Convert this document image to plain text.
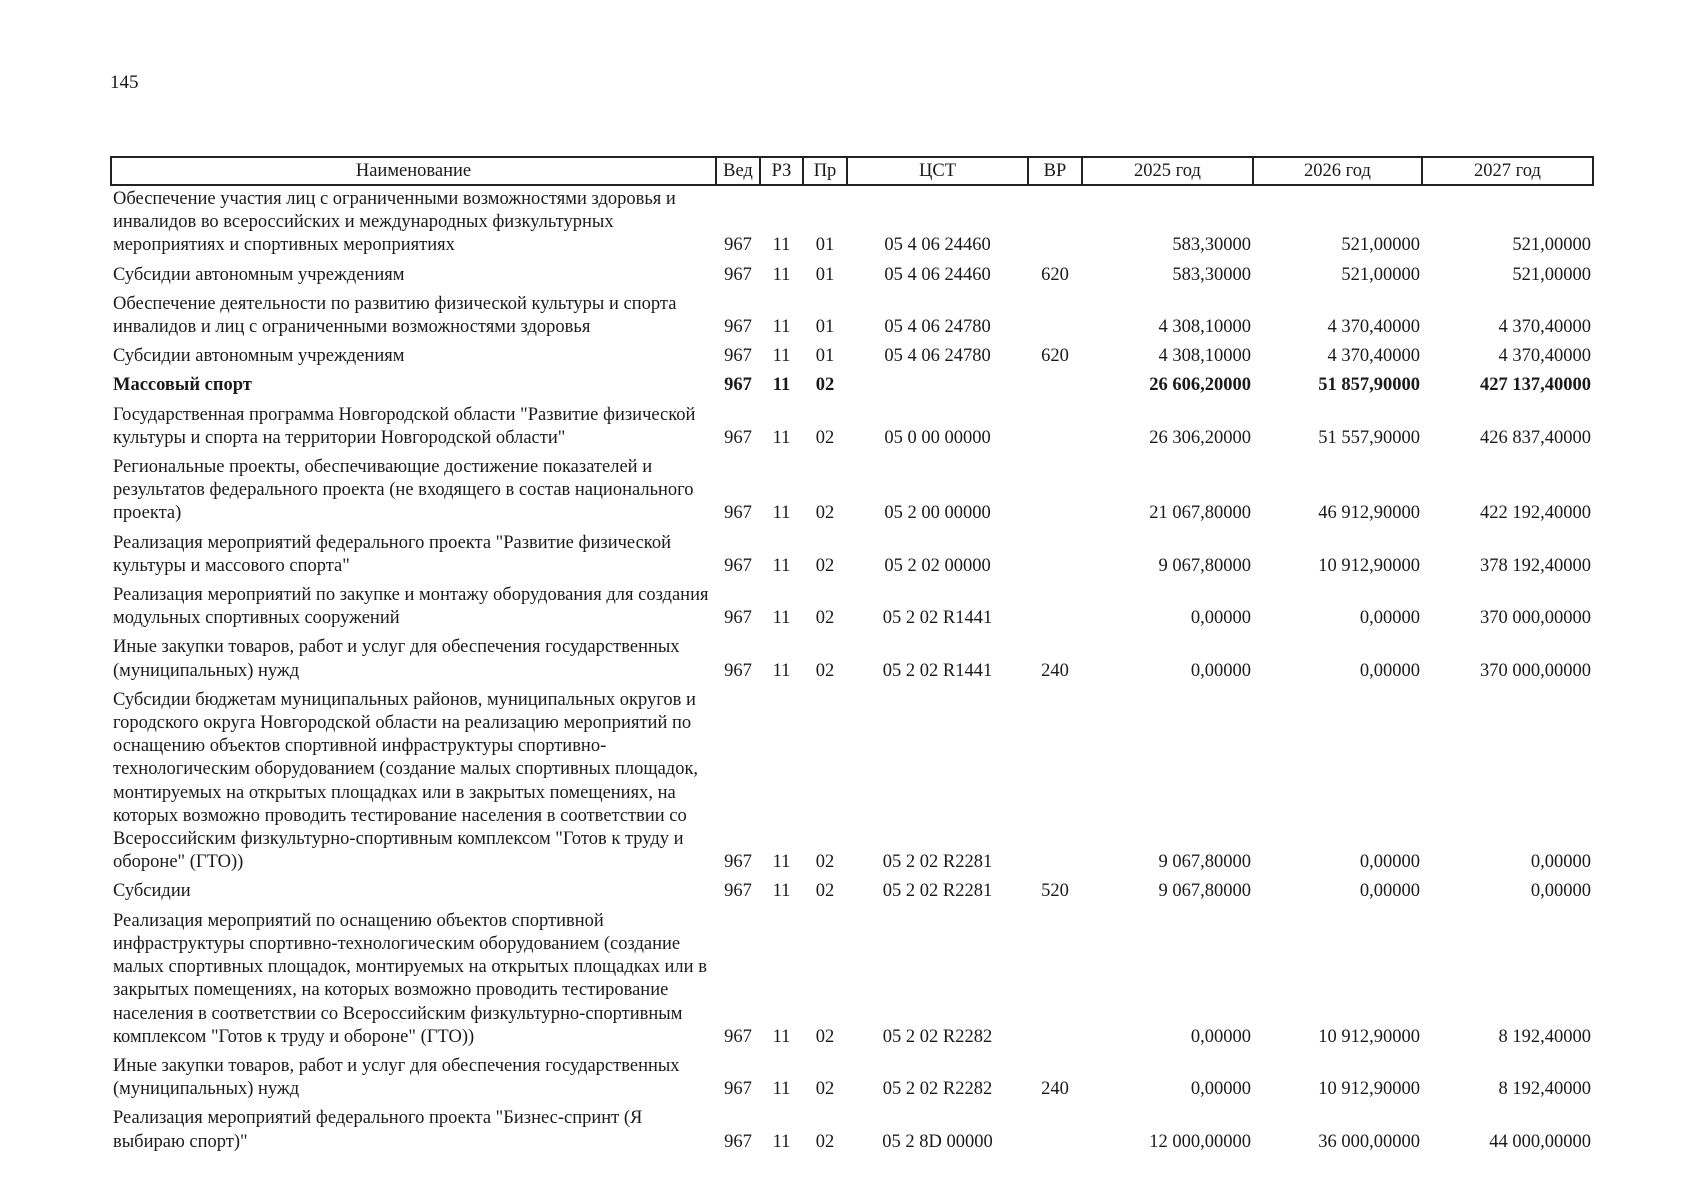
145
Наименование	Вед	РЗ	Пр	ЦСТ	ВР	2025 год	2026 год	2027 год
Обеспечение участия лиц с ограниченными возможностями здоровья и инвалидов во всероссийских и международных физкультурных мероприятиях и спортивных мероприятиях	967	11	01	05 4 06 24460		583,30000	521,00000	521,00000
Субсидии автономным учреждениям	967	11	01	05 4 06 24460	620	583,30000	521,00000	521,00000
Обеспечение деятельности по развитию физической культуры и спорта инвалидов и лиц с ограниченными возможностями здоровья	967	11	01	05 4 06 24780		4 308,10000	4 370,40000	4 370,40000
Субсидии автономным учреждениям	967	11	01	05 4 06 24780	620	4 308,10000	4 370,40000	4 370,40000
Массовый спорт	967	11	02			26 606,20000	51 857,90000	427 137,40000
Государственная программа Новгородской области "Развитие физической культуры и спорта на территории Новгородской области"	967	11	02	05 0 00 00000		26 306,20000	51 557,90000	426 837,40000
Региональные проекты, обеспечивающие достижение показателей и результатов федерального проекта (не входящего в состав национального проекта)	967	11	02	05 2 00 00000		21 067,80000	46 912,90000	422 192,40000
Реализация мероприятий федерального проекта "Развитие физической культуры и массового спорта"	967	11	02	05 2 02 00000		9 067,80000	10 912,90000	378 192,40000
Реализация мероприятий по закупке и монтажу оборудования для создания модульных спортивных сооружений	967	11	02	05 2 02 R1441		0,00000	0,00000	370 000,00000
Иные закупки товаров, работ и услуг для обеспечения государственных (муниципальных) нужд	967	11	02	05 2 02 R1441	240	0,00000	0,00000	370 000,00000
Субсидии бюджетам муниципальных районов, муниципальных округов и городского округа Новгородской области на реализацию мероприятий по оснащению объектов спортивной инфраструктуры спортивно-технологическим оборудованием (создание малых спортивных площадок, монтируемых на открытых площадках или в закрытых помещениях, на которых возможно проводить тестирование населения в соответствии со Всероссийским физкультурно-спортивным комплексом "Готов к труду и обороне" (ГТО))	967	11	02	05 2 02 R2281		9 067,80000	0,00000	0,00000
Субсидии	967	11	02	05 2 02 R2281	520	9 067,80000	0,00000	0,00000
Реализация мероприятий по оснащению объектов спортивной инфраструктуры спортивно-технологическим оборудованием (создание малых спортивных площадок, монтируемых на открытых площадках или в закрытых помещениях, на которых возможно проводить тестирование населения в соответствии со Всероссийским физкультурно-спортивным комплексом "Готов к труду и обороне" (ГТО))	967	11	02	05 2 02 R2282		0,00000	10 912,90000	8 192,40000
Иные закупки товаров, работ и услуг для обеспечения государственных (муниципальных) нужд	967	11	02	05 2 02 R2282	240	0,00000	10 912,90000	8 192,40000
Реализация мероприятий федерального проекта "Бизнес-спринт (Я выбираю спорт)"	967	11	02	05 2 8D 00000		12 000,00000	36 000,00000	44 000,00000
